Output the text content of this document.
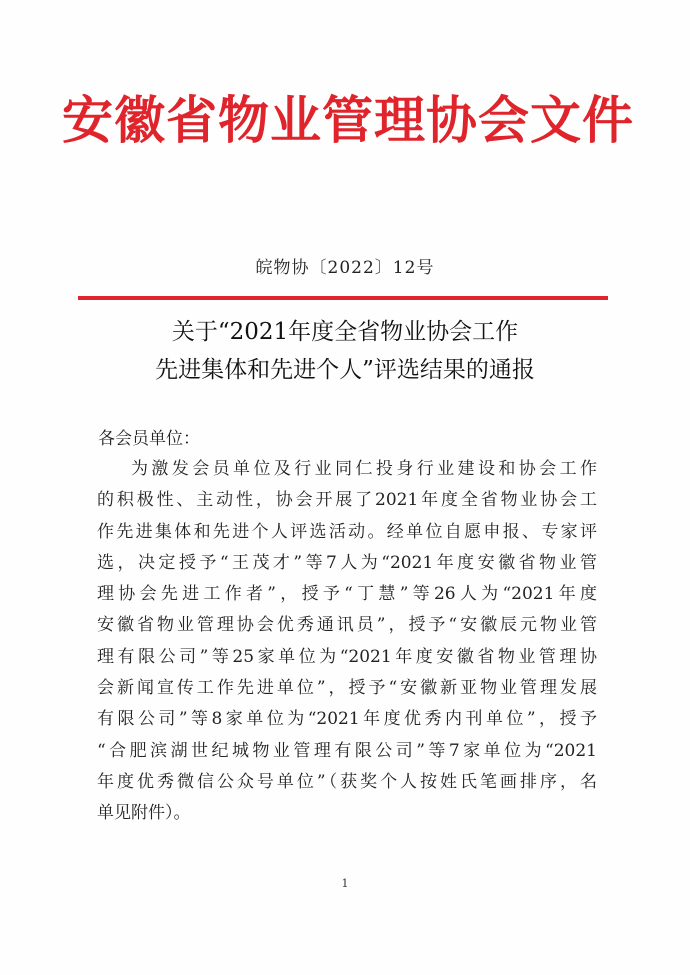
安徽省物业管理协会文件
皖物协〔2022〕12号
关于“2021年度全省物业协会工作
先进集体和先进个人”评选结果的通报
各会员单位：
为激发会员单位及行业同仁投身行业建设和协会工作
的积极性、主动性，协会开展了2021年度全省物业协会工
作先进集体和先进个人评选活动。经单位自愿申报、专家评
选，决定授予“王茂才”等7人为“2021年度安徽省物业管
理协会先进工作者”，授予“丁慧”等26人为“2021年度
安徽省物业管理协会优秀通讯员”，授予“安徽辰元物业管
理有限公司”等25家单位为“2021年度安徽省物业管理协
会新闻宣传工作先进单位”，授予“安徽新亚物业管理发展
有限公司”等8家单位为“2021年度优秀内刊单位”，授予
“合肥滨湖世纪城物业管理有限公司”等7家单位为“2021
年度优秀微信公众号单位”（获奖个人按姓氏笔画排序，名
单见附件）。
1
